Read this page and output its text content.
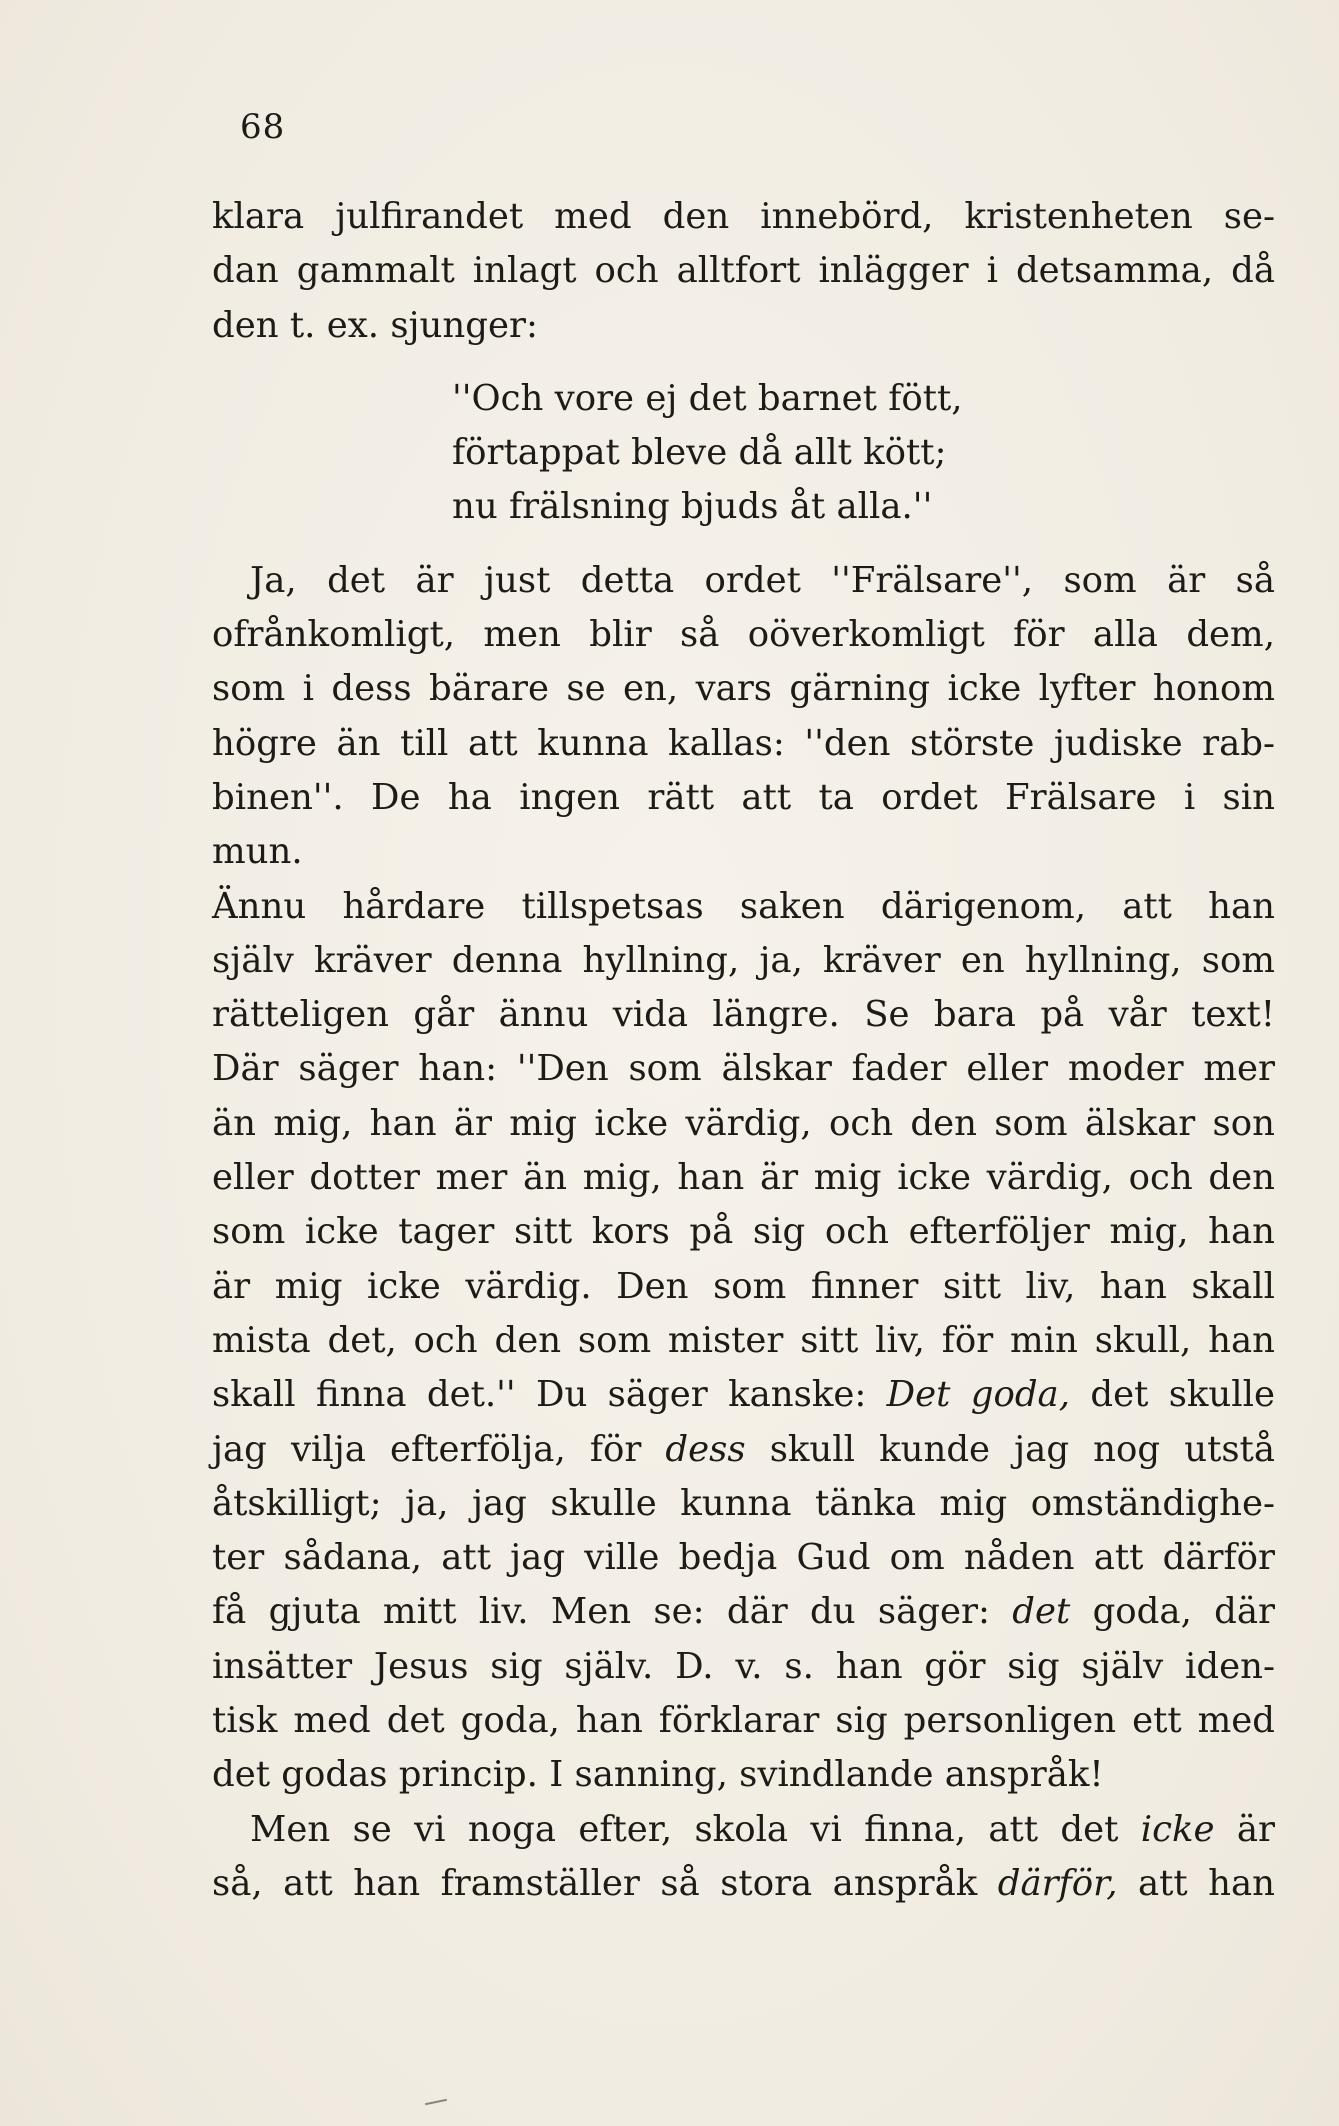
68
klara julfirandet med den innebörd, kristenheten se-
dan gammalt inlagt och alltfort inlägger i detsamma, då
den t. ex. sjunger:
''Och vore ej det barnet fött,
förtappat bleve då allt kött;
nu frälsning bjuds åt alla.''
Ja, det är just detta ordet ''Frälsare'', som är så
ofrånkomligt, men blir så oöverkomligt för alla dem,
som i dess bärare se en, vars gärning icke lyfter honom
högre än till att kunna kallas: ''den störste judiske rab-
binen''. De ha ingen rätt att ta ordet Frälsare i sin
mun.
Ännu hårdare tillspetsas saken därigenom, att han
själv kräver denna hyllning, ja, kräver en hyllning, som
rätteligen går ännu vida längre. Se bara på vår text!
Där säger han: ''Den som älskar fader eller moder mer
än mig, han är mig icke värdig, och den som älskar son
eller dotter mer än mig, han är mig icke värdig, och den
som icke tager sitt kors på sig och efterföljer mig, han
är mig icke värdig. Den som finner sitt liv, han skall
mista det, och den som mister sitt liv, för min skull, han
skall finna det.'' Du säger kanske: Det goda, det skulle
jag vilja efterfölja, för dess skull kunde jag nog utstå
åtskilligt; ja, jag skulle kunna tänka mig omständighe-
ter sådana, att jag ville bedja Gud om nåden att därför
få gjuta mitt liv. Men se: där du säger: det goda, där
insätter Jesus sig själv. D. v. s. han gör sig själv iden-
tisk med det goda, han förklarar sig personligen ett med
det godas princip. I sanning, svindlande anspråk!
Men se vi noga efter, skola vi finna, att det icke är
så, att han framställer så stora anspråk därför, att han
